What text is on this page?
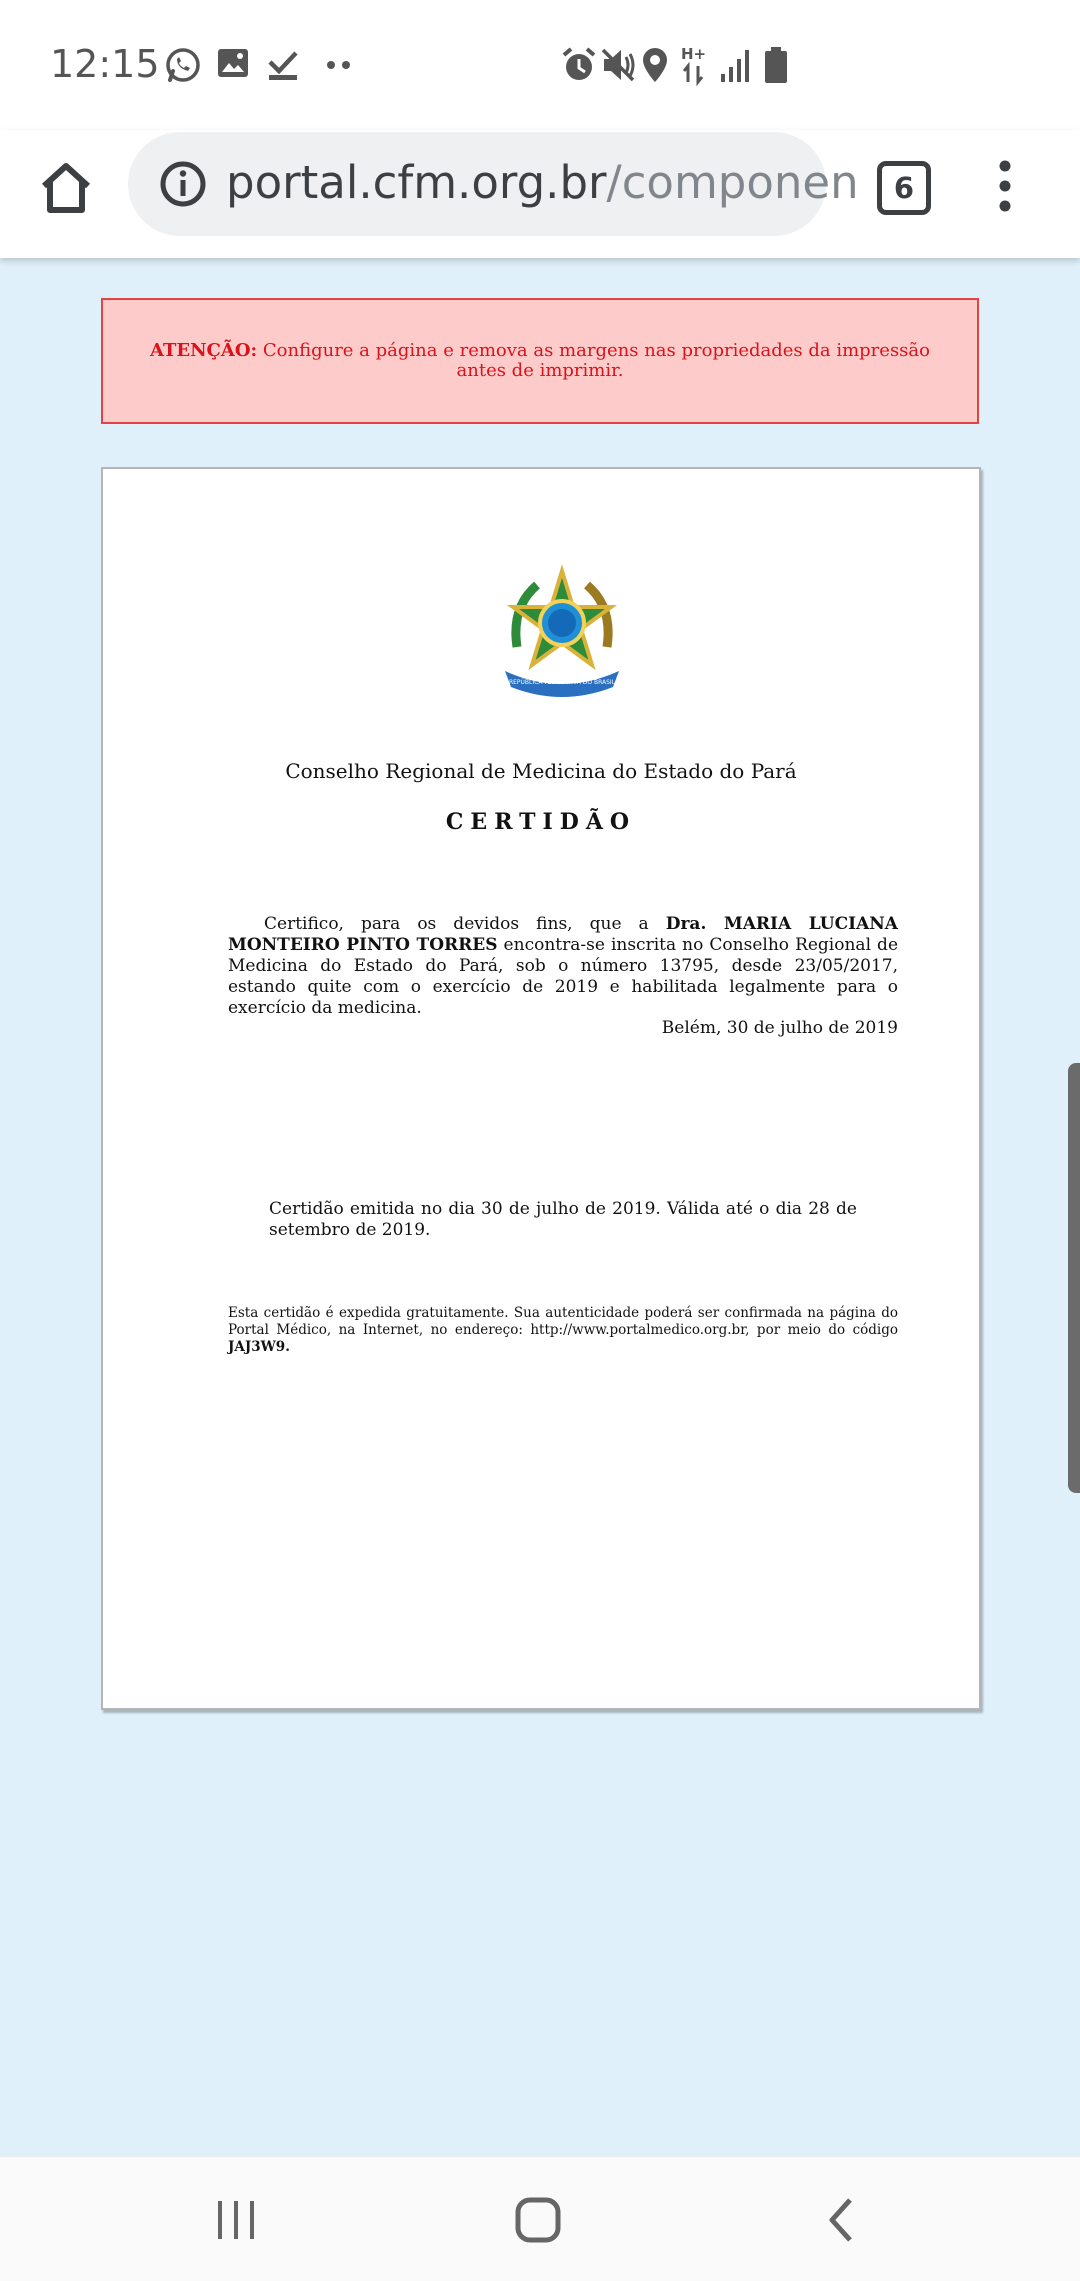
12:15	H+
portal.cfm.org.br/componen	6
ATENÇÃO: Configure a página e remova as margens nas propriedades da impressão antes de imprimir.
REPÚBLICA FEDERATIVA DO BRASIL
Conselho Regional de Medicina do Estado do Pará
CERTIDÃO
Certifico, para os devidos fins, que a Dra. MARIA LUCIANA MONTEIRO PINTO TORRES encontra-se inscrita no Conselho Regional de Medicina do Estado do Pará, sob o número 13795, desde 23/05/2017, estando quite com o exercício de 2019 e habilitada legalmente para o exercício da medicina.
Belém, 30 de julho de 2019
Certidão emitida no dia 30 de julho de 2019. Válida até o dia 28 de setembro de 2019.
Esta certidão é expedida gratuitamente. Sua autenticidade poderá ser confirmada na página do Portal Médico, na Internet, no endereço: http://www.portalmedico.org.br, por meio do código JAJ3W9.
